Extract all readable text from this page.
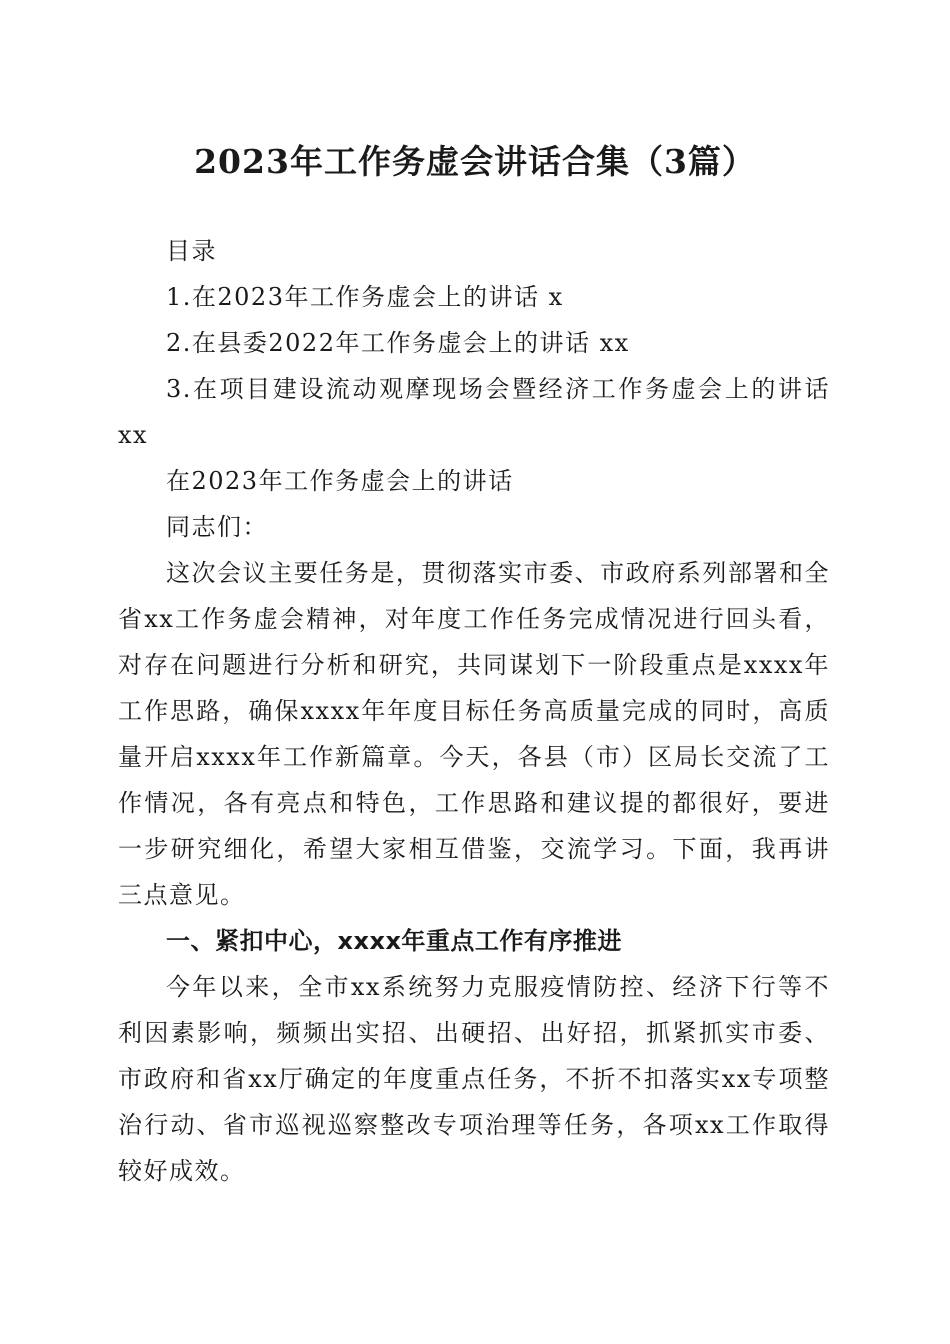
2023年工作务虚会讲话合集（3篇）

目录

1.在2023年工作务虚会上的讲话 x

2.在县委2022年工作务虚会上的讲话 xx

3.在项目建设流动观摩现场会暨经济工作务虚会上的讲话xx

在2023年工作务虚会上的讲话

同志们：

这次会议主要任务是，贯彻落实市委、市政府系列部署和全省xx工作务虚会精神，对年度工作任务完成情况进行回头看，对存在问题进行分析和研究，共同谋划下一阶段重点是xxxx年工作思路，确保xxxx年年度目标任务高质量完成的同时，高质量开启xxxx年工作新篇章。今天，各县（市）区局长交流了工作情况，各有亮点和特色，工作思路和建议提的都很好，要进一步研究细化，希望大家相互借鉴，交流学习。下面，我再讲三点意见。

一、紧扣中心，xxxx年重点工作有序推进

今年以来，全市xx系统努力克服疫情防控、经济下行等不利因素影响，频频出实招、出硬招、出好招，抓紧抓实市委、市政府和省xx厅确定的年度重点任务，不折不扣落实xx专项整治行动、省市巡视巡察整改专项治理等任务，各项xx工作取得较好成效。
